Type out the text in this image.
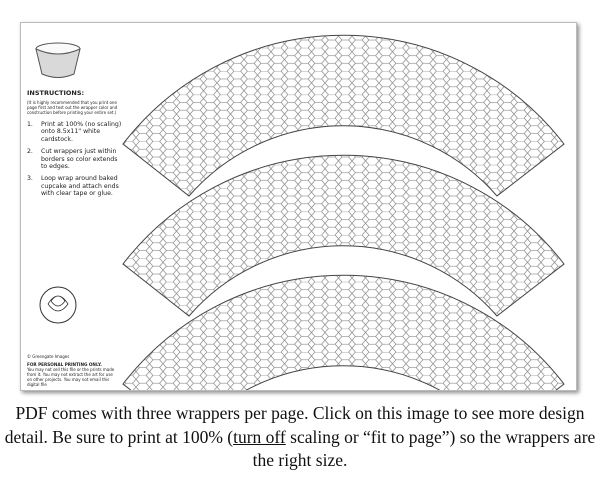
INSTRUCTIONS:
(It is highly recommended that you print one page first and test out the wrapper color and construction before printing your entire set.)
1.	Print at 100% (no scaling) onto 8.5x11" white cardstock.
2.	Cut wrappers just within borders so color extends to edges.
3.	Loop wrap around baked cupcake and attach ends with clear tape or glue.
© Greengate Images
FOR PERSONAL PRINTING ONLY.
You may not sell this file or the prints made from it. You may not extract the art for use on other projects. You may not email this digital file
PDF comes with three wrappers per page. Click on this image to see more design detail. Be sure to print at 100% (turn off scaling or “fit to page”) so the wrappers are the right size.
